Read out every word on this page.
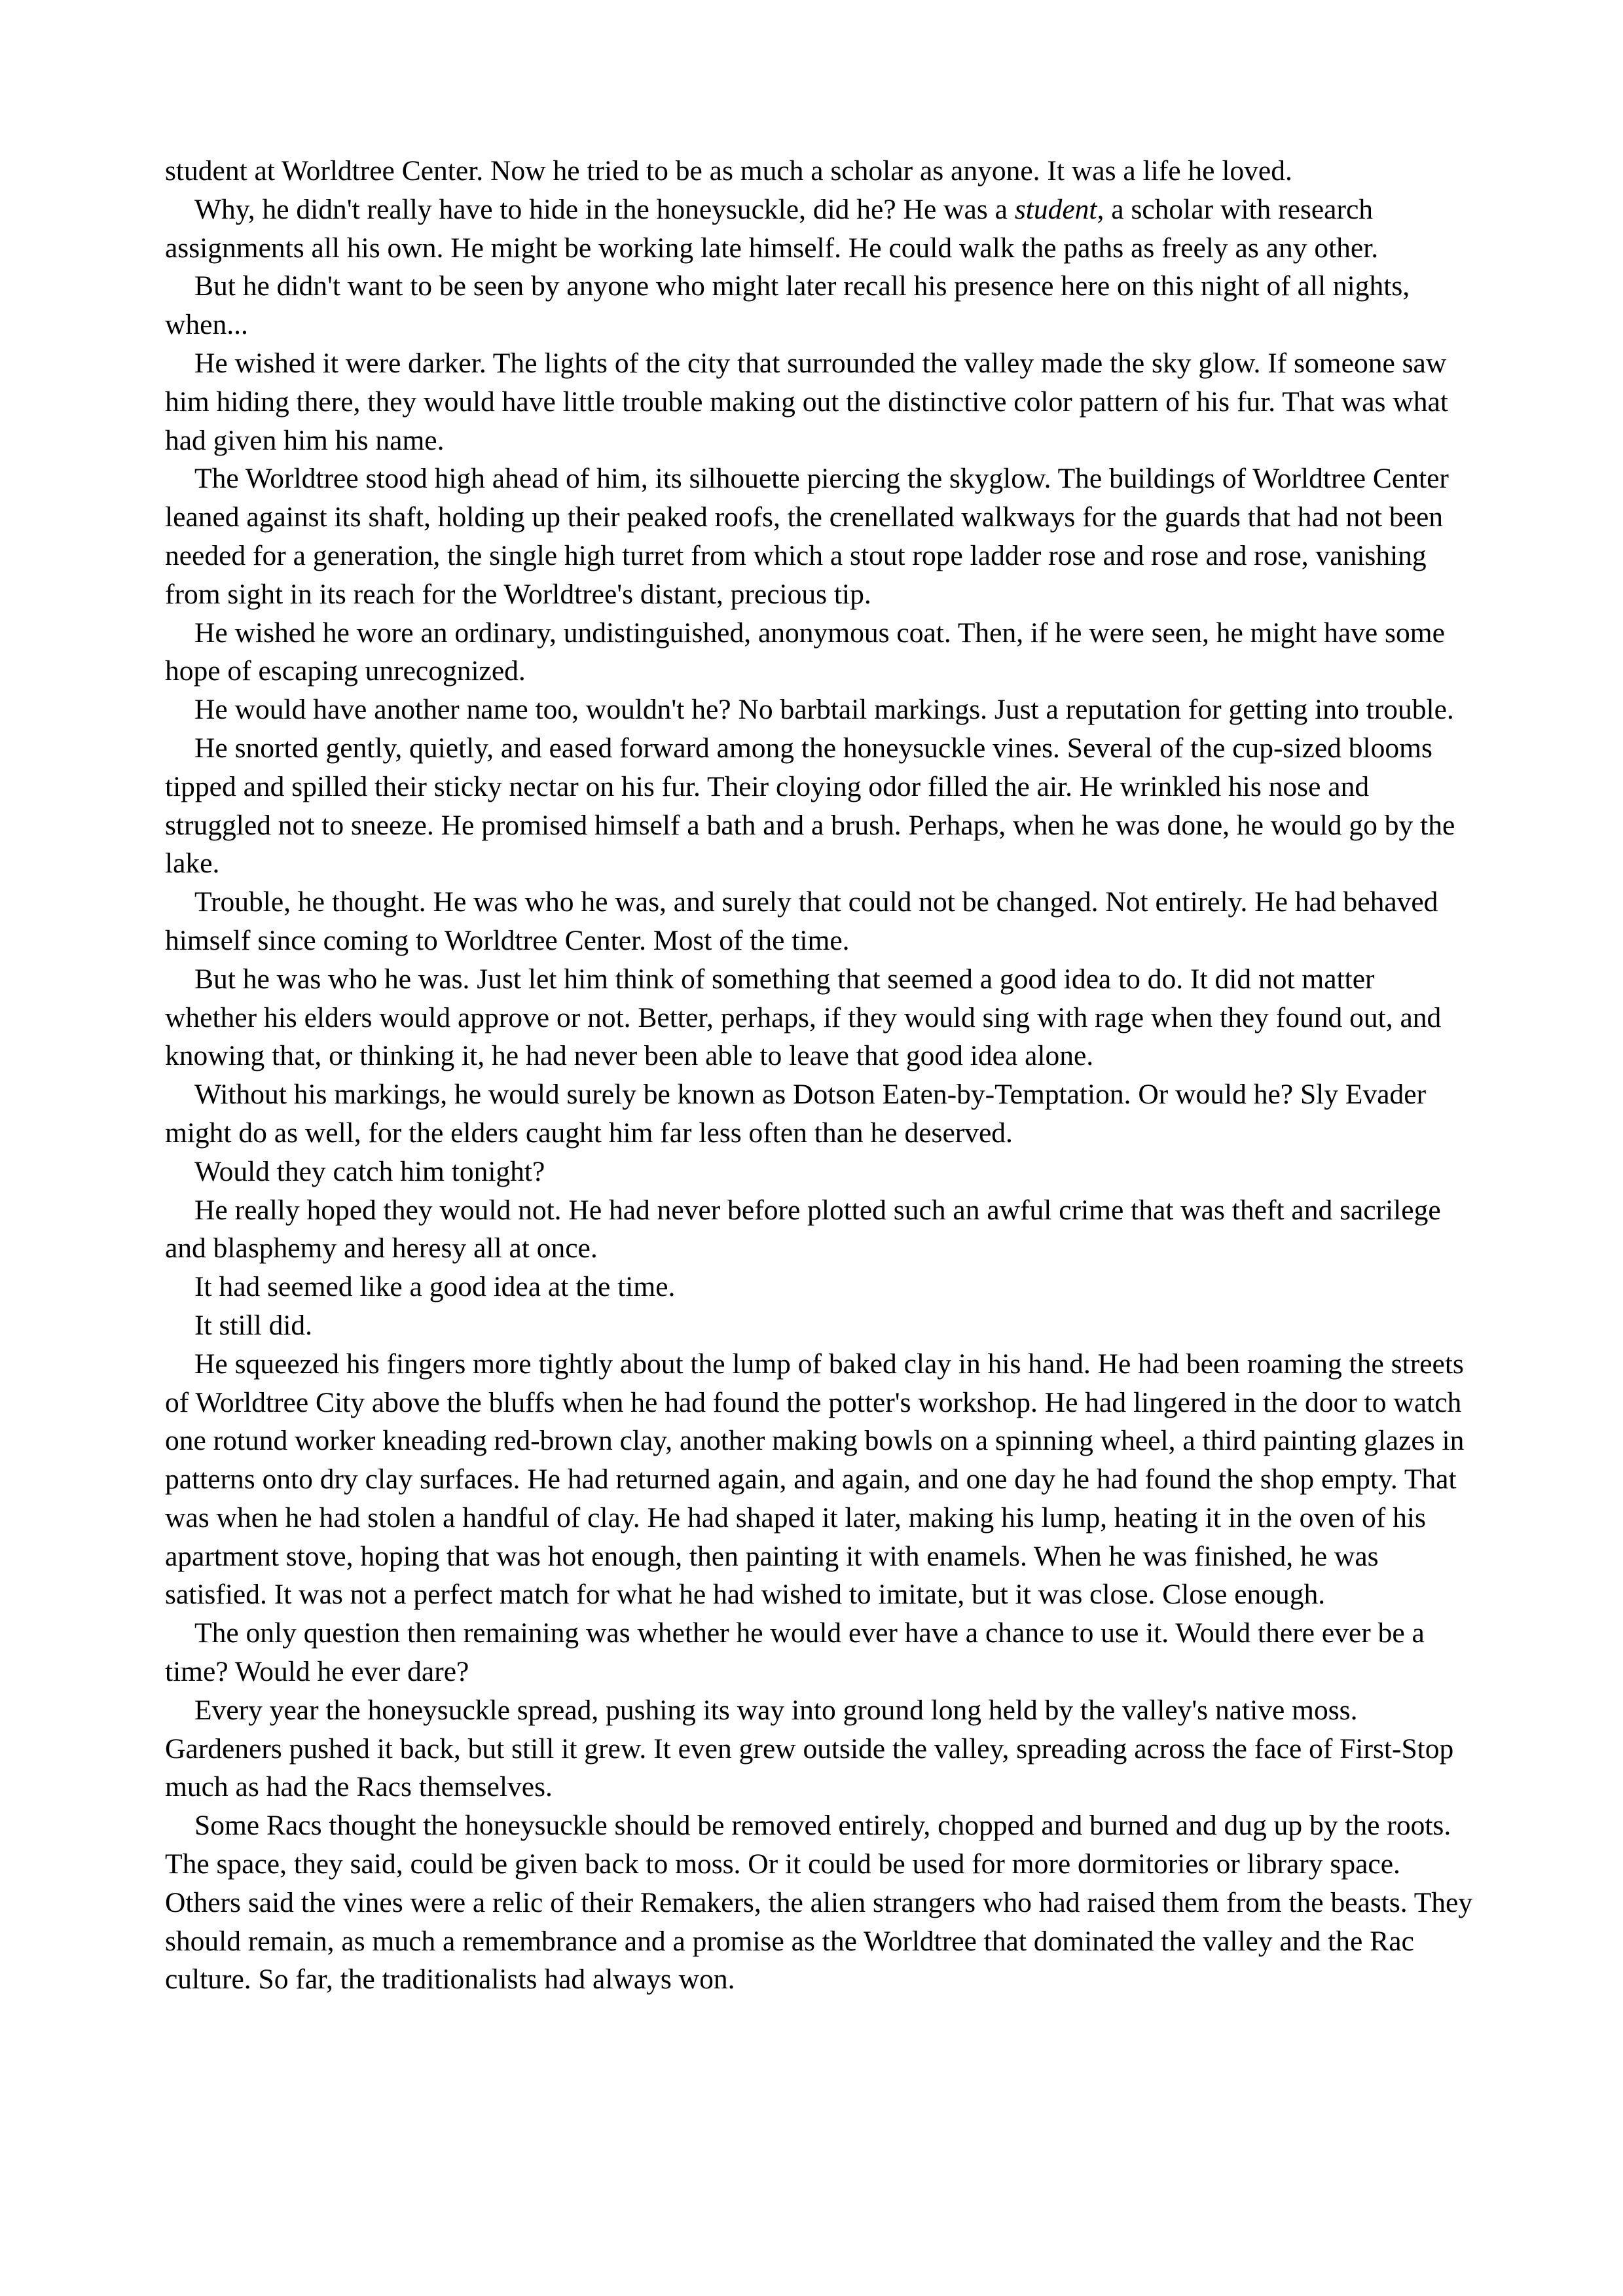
student at Worldtree Center. Now he tried to be as much a scholar as anyone. It was a life he loved.

Why, he didn't really have to hide in the honeysuckle, did he? He was a student, a scholar with research assignments all his own. He might be working late himself. He could walk the paths as freely as any other.

But he didn't want to be seen by anyone who might later recall his presence here on this night of all nights, when...

He wished it were darker. The lights of the city that surrounded the valley made the sky glow. If someone saw him hiding there, they would have little trouble making out the distinctive color pattern of his fur. That was what had given him his name.

The Worldtree stood high ahead of him, its silhouette piercing the skyglow. The buildings of Worldtree Center leaned against its shaft, holding up their peaked roofs, the crenellated walkways for the guards that had not been needed for a generation, the single high turret from which a stout rope ladder rose and rose and rose, vanishing from sight in its reach for the Worldtree's distant, precious tip.

He wished he wore an ordinary, undistinguished, anonymous coat. Then, if he were seen, he might have some hope of escaping unrecognized.

He would have another name too, wouldn't he? No barbtail markings. Just a reputation for getting into trouble.

He snorted gently, quietly, and eased forward among the honeysuckle vines. Several of the cup-sized blooms tipped and spilled their sticky nectar on his fur. Their cloying odor filled the air. He wrinkled his nose and struggled not to sneeze. He promised himself a bath and a brush. Perhaps, when he was done, he would go by the lake.

Trouble, he thought. He was who he was, and surely that could not be changed. Not entirely. He had behaved himself since coming to Worldtree Center. Most of the time.

But he was who he was. Just let him think of something that seemed a good idea to do. It did not matter whether his elders would approve or not. Better, perhaps, if they would sing with rage when they found out, and knowing that, or thinking it, he had never been able to leave that good idea alone.

Without his markings, he would surely be known as Dotson Eaten-by-Temptation. Or would he? Sly Evader might do as well, for the elders caught him far less often than he deserved.

Would they catch him tonight?

He really hoped they would not. He had never before plotted such an awful crime that was theft and sacrilege and blasphemy and heresy all at once.

It had seemed like a good idea at the time.

It still did.

He squeezed his fingers more tightly about the lump of baked clay in his hand. He had been roaming the streets of Worldtree City above the bluffs when he had found the potter's workshop. He had lingered in the door to watch one rotund worker kneading red-brown clay, another making bowls on a spinning wheel, a third painting glazes in patterns onto dry clay surfaces. He had returned again, and again, and one day he had found the shop empty. That was when he had stolen a handful of clay. He had shaped it later, making his lump, heating it in the oven of his apartment stove, hoping that was hot enough, then painting it with enamels. When he was finished, he was satisfied. It was not a perfect match for what he had wished to imitate, but it was close. Close enough.

The only question then remaining was whether he would ever have a chance to use it. Would there ever be a time? Would he ever dare?

Every year the honeysuckle spread, pushing its way into ground long held by the valley's native moss. Gardeners pushed it back, but still it grew. It even grew outside the valley, spreading across the face of First-Stop much as had the Racs themselves.

Some Racs thought the honeysuckle should be removed entirely, chopped and burned and dug up by the roots. The space, they said, could be given back to moss. Or it could be used for more dormitories or library space. Others said the vines were a relic of their Remakers, the alien strangers who had raised them from the beasts. They should remain, as much a remembrance and a promise as the Worldtree that dominated the valley and the Rac culture. So far, the traditionalists had always won.
